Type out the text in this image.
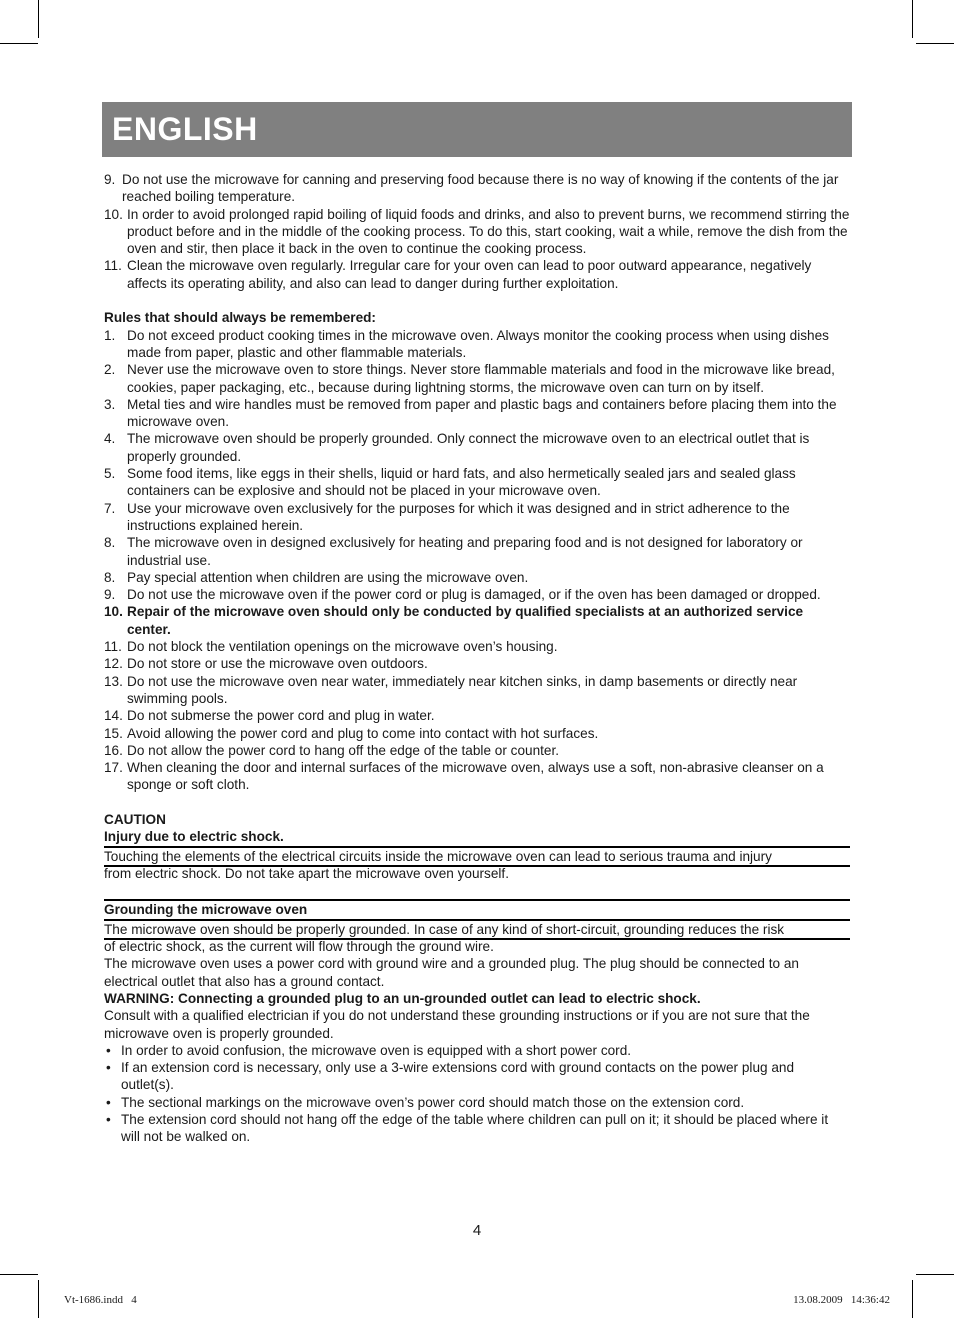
ENGLISH
9. Do not use the microwave for canning and preserving food because there is no way of knowing if the contents of the jar reached boiling temperature.
10. In order to avoid prolonged rapid boiling of liquid foods and drinks, and also to prevent burns, we recommend stirring the product before and in the middle of the cooking process. To do this, start cooking, wait a while, remove the dish from the oven and stir, then place it back in the oven to continue the cooking process.
11. Clean the microwave oven regularly. Irregular care for your oven can lead to poor outward appearance, negatively affects its operating ability, and also can lead to danger during further exploitation.
Rules that should always be remembered:
1. Do not exceed product cooking times in the microwave oven. Always monitor the cooking process when using dishes made from paper, plastic and other flammable materials.
2. Never use the microwave oven to store things. Never store flammable materials and food in the microwave like bread, cookies, paper packaging, etc., because during lightning storms, the microwave oven can turn on by itself.
3. Metal ties and wire handles must be removed from paper and plastic bags and containers before placing them into the microwave oven.
4. The microwave oven should be properly grounded. Only connect the microwave oven to an electrical outlet that is properly grounded.
5. Some food items, like eggs in their shells, liquid or hard fats, and also hermetically sealed jars and sealed glass containers can be explosive and should not be placed in your microwave oven.
7. Use your microwave oven exclusively for the purposes for which it was designed and in strict adherence to the instructions explained herein.
8. The microwave oven in designed exclusively for heating and preparing food and is not designed for laboratory or industrial use.
8. Pay special attention when children are using the microwave oven.
9. Do not use the microwave oven if the power cord or plug is damaged, or if the oven has been damaged or dropped.
10. Repair of the microwave oven should only be conducted by qualified specialists at an authorized service center.
11. Do not block the ventilation openings on the microwave oven’s housing.
12. Do not store or use the microwave oven outdoors.
13. Do not use the microwave oven near water, immediately near kitchen sinks, in damp basements or directly near swimming pools.
14. Do not submerse the power cord and plug in water.
15. Avoid allowing the power cord and plug to come into contact with hot surfaces.
16. Do not allow the power cord to hang off the edge of the table or counter.
17. When cleaning the door and internal surfaces of the microwave oven, always use a soft, non-abrasive cleanser on a sponge or soft cloth.
CAUTION
Injury due to electric shock.
Touching the elements of the electrical circuits inside the microwave oven can lead to serious trauma and injury
from electric shock. Do not take apart the microwave oven yourself.
Grounding the microwave oven
The microwave oven should be properly grounded. In case of any kind of short-circuit, grounding reduces the risk
of electric shock, as the current will flow through the ground wire.
The microwave oven uses a power cord with ground wire and a grounded plug. The plug should be connected to an electrical outlet that also has a ground contact.
WARNING: Connecting a grounded plug to an un-grounded outlet can lead to electric shock.
Consult with a qualified electrician if you do not understand these grounding instructions or if you are not sure that the microwave oven is properly grounded.
• In order to avoid confusion, the microwave oven is equipped with a short power cord.
• If an extension cord is necessary, only use a 3-wire extensions cord with ground contacts on the power plug and outlet(s).
• The sectional markings on the microwave oven’s power cord should match those on the extension cord.
• The extension cord should not hang off the edge of the table where children can pull on it; it should be placed where it will not be walked on.
4
Vt-1686.indd   4	13.08.2009   14:36:42
